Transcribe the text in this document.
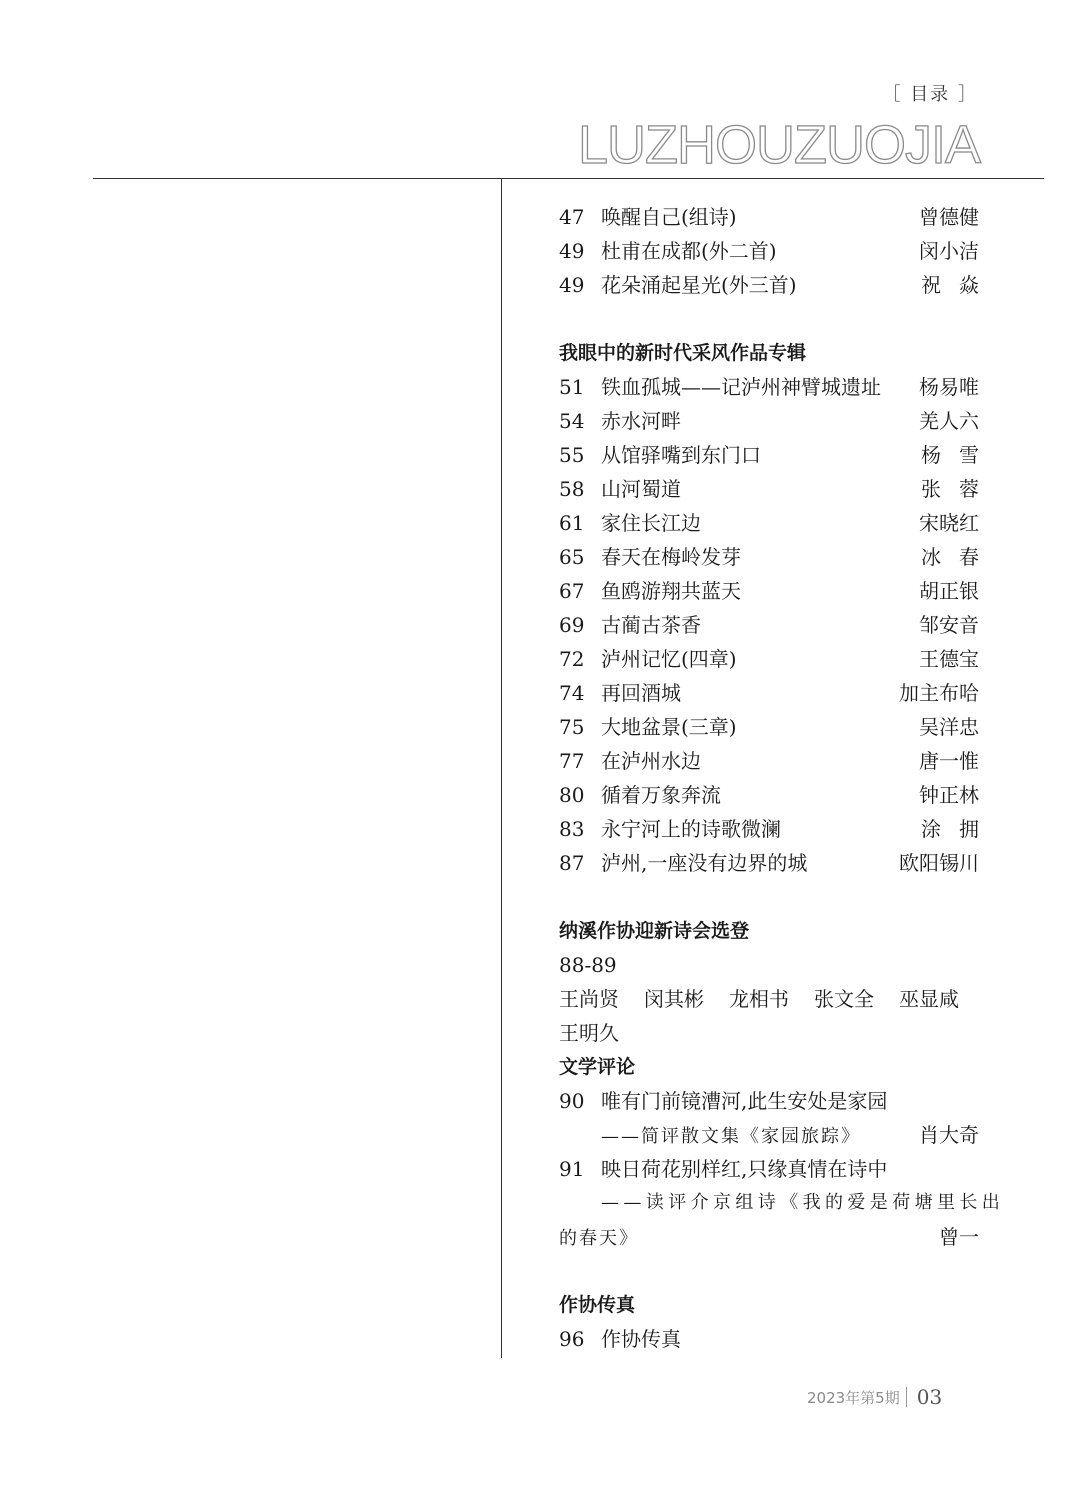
［ 目录 ］
LUZHOUZUOJIA
47 唤醒自己(组诗)	曾德健
49 杜甫在成都(外二首)	闵小洁
49 花朵涌起星光(外三首)	祝焱
我眼中的新时代采风作品专辑
51 铁血孤城——记泸州神臂城遗址	杨易唯
54 赤水河畔	羌人六
55 从馆驿嘴到东门口	杨雪
58 山河蜀道	张蓉
61 家住长江边	宋晓红
65 春天在梅岭发芽	冰春
67 鱼鸥游翔共蓝天	胡正银
69 古蔺古茶香	邹安音
72 泸州记忆(四章)	王德宝
74 再回酒城	加主布哈
75 大地盆景(三章)	吴洋忠
77 在泸州水边	唐一惟
80 循着万象奔流	钟正林
83 永宁河上的诗歌微澜	涂拥
87 泸州,一座没有边界的城	欧阳锡川
纳溪作协迎新诗会选登
88-89
王尚贤 闵其彬 龙相书 张文全 巫显咸
王明久
文学评论
90 唯有门前镜漕河,此生安处是家园
——简评散文集《家园旅踪》	肖大奇
91 映日荷花别样红,只缘真情在诗中
——读评介京组诗《我的爱是荷塘里长出
的春天》	曾一
作协传真
96 作协传真
2023年第5期 03
